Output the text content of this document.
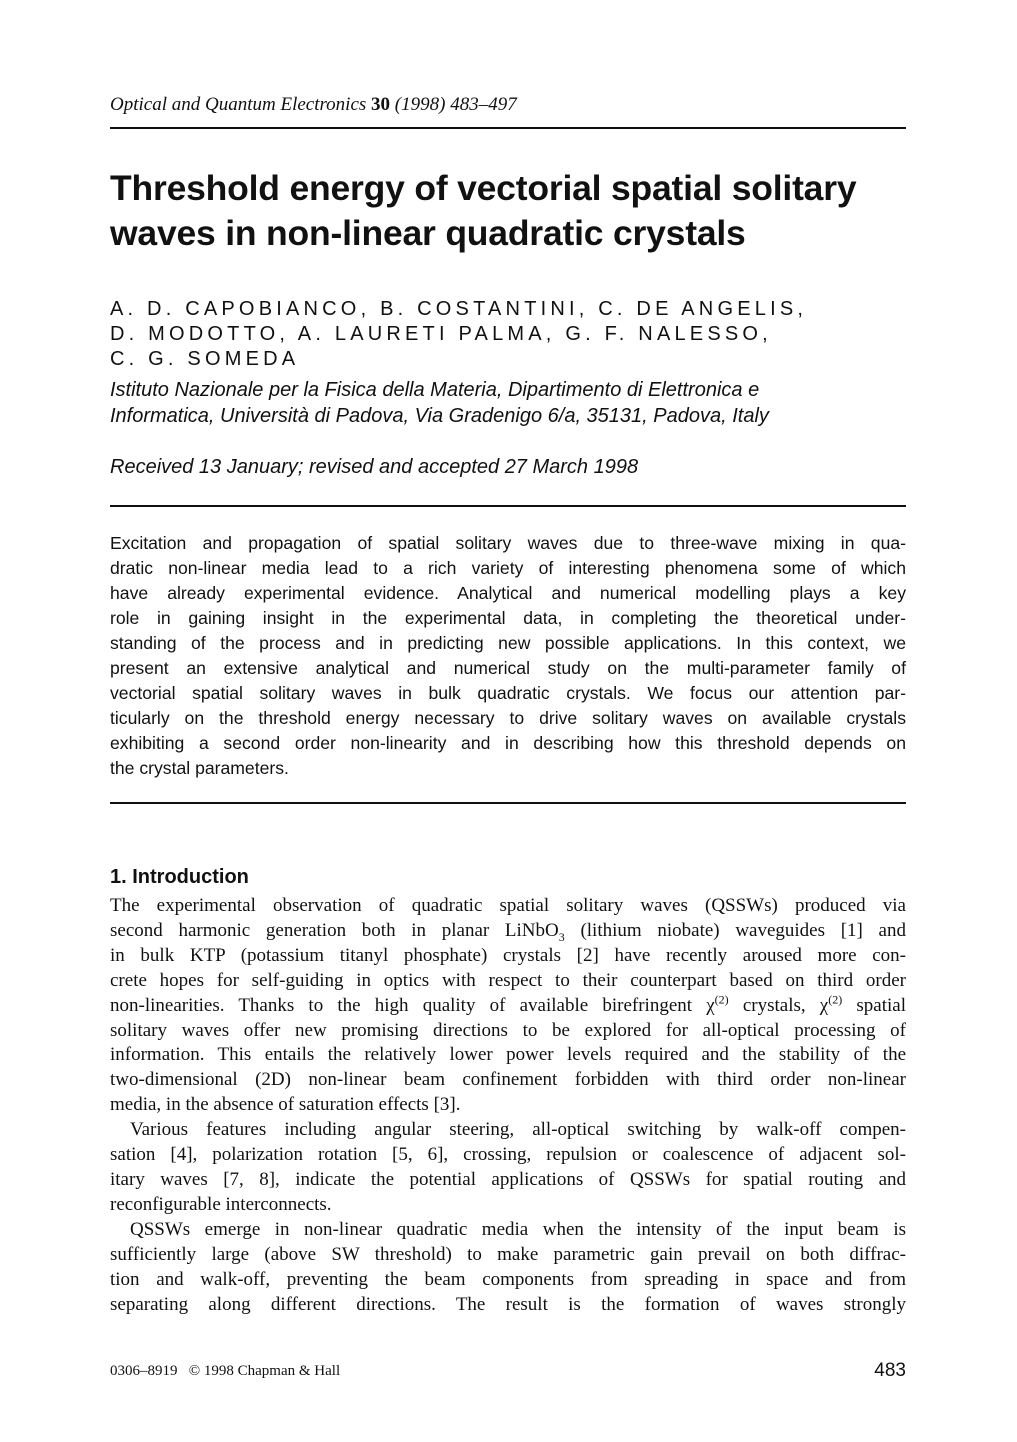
Optical and Quantum Electronics 30 (1998) 483–497
Threshold energy of vectorial spatial solitary
waves in non-linear quadratic crystals
A. D. CAPOBIANCO, B. COSTANTINI, C. DE ANGELIS,
D. MODOTTO, A. LAURETI PALMA, G. F. NALESSO,
C. G. SOMEDA
Istituto Nazionale per la Fisica della Materia, Dipartimento di Elettronica e
Informatica, Università di Padova, Via Gradenigo 6/a, 35131, Padova, Italy
Received 13 January; revised and accepted 27 March 1998
Excitation and propagation of spatial solitary waves due to three-wave mixing in qua-
dratic non-linear media lead to a rich variety of interesting phenomena some of which
have already experimental evidence. Analytical and numerical modelling plays a key
role in gaining insight in the experimental data, in completing the theoretical under-
standing of the process and in predicting new possible applications. In this context, we
present an extensive analytical and numerical study on the multi-parameter family of
vectorial spatial solitary waves in bulk quadratic crystals. We focus our attention par-
ticularly on the threshold energy necessary to drive solitary waves on available crystals
exhibiting a second order non-linearity and in describing how this threshold depends on
the crystal parameters.
1. Introduction
The experimental observation of quadratic spatial solitary waves (QSSWs) produced via
second harmonic generation both in planar LiNbO$_3$ (lithium niobate) waveguides [1] and
in bulk KTP (potassium titanyl phosphate) crystals [2] have recently aroused more con-
crete hopes for self-guiding in optics with respect to their counterpart based on third order
non-linearities. Thanks to the high quality of available birefringent $\chi^{(2)}$ crystals, $\chi^{(2)}$ spatial
solitary waves offer new promising directions to be explored for all-optical processing of
information. This entails the relatively lower power levels required and the stability of the
two-dimensional (2D) non-linear beam confinement forbidden with third order non-linear
media, in the absence of saturation effects [3].
Various features including angular steering, all-optical switching by walk-off compen-
sation [4], polarization rotation [5, 6], crossing, repulsion or coalescence of adjacent sol-
itary waves [7, 8], indicate the potential applications of QSSWs for spatial routing and
reconfigurable interconnects.
QSSWs emerge in non-linear quadratic media when the intensity of the input beam is
sufficiently large (above SW threshold) to make parametric gain prevail on both diffrac-
tion and walk-off, preventing the beam components from spreading in space and from
separating along different directions. The result is the formation of waves strongly
0306–8919 © 1998 Chapman & Hall	483
